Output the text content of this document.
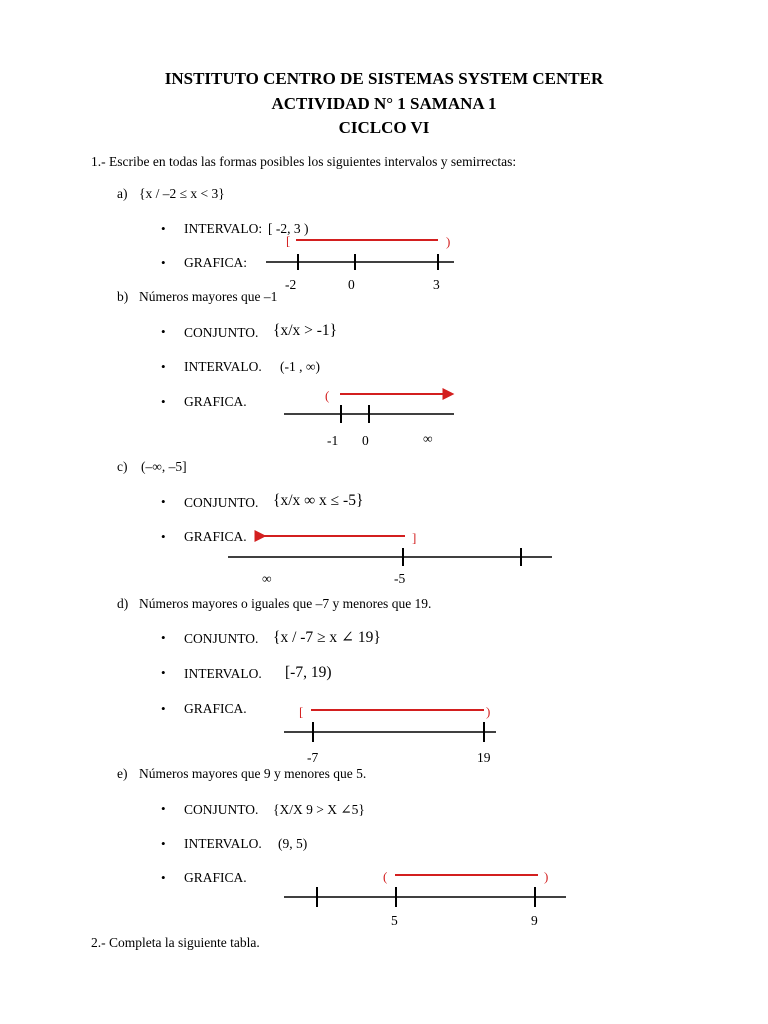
INSTITUTO CENTRO DE SISTEMAS SYSTEM CENTER
ACTIVIDAD N° 1 SAMANA 1
CICLCO VI
1.- Escribe en todas las formas posibles los siguientes intervalos y semirrectas:
a) {x / –2 ≤ x < 3}
• INTERVALO: [ -2, 3 )
[	)
• GRAFICA:
-2	0	3
b) Números mayores que –1
• CONJUNTO. {x/x > -1}
• INTERVALO. (-1 , ∞)
• GRAFICA.	(
-1 0	∞
c) (–∞, –5]
• CONJUNTO. {x/x ∞ x ≤ -5}
• GRAFICA.	]
∞	-5
d) Números mayores o iguales que –7 y menores que 19.
• CONJUNTO. {x / -7 ≥ x ∠ 19}
• INTERVALO. [-7, 19)
• GRAFICA.	[	)
-7	19
e) Números mayores que 9 y menores que 5.
• CONJUNTO. {X/X 9 > X ∠5}
• INTERVALO. (9, 5)
• GRAFICA.	(	)
5	9
2.- Completa la siguiente tabla.
